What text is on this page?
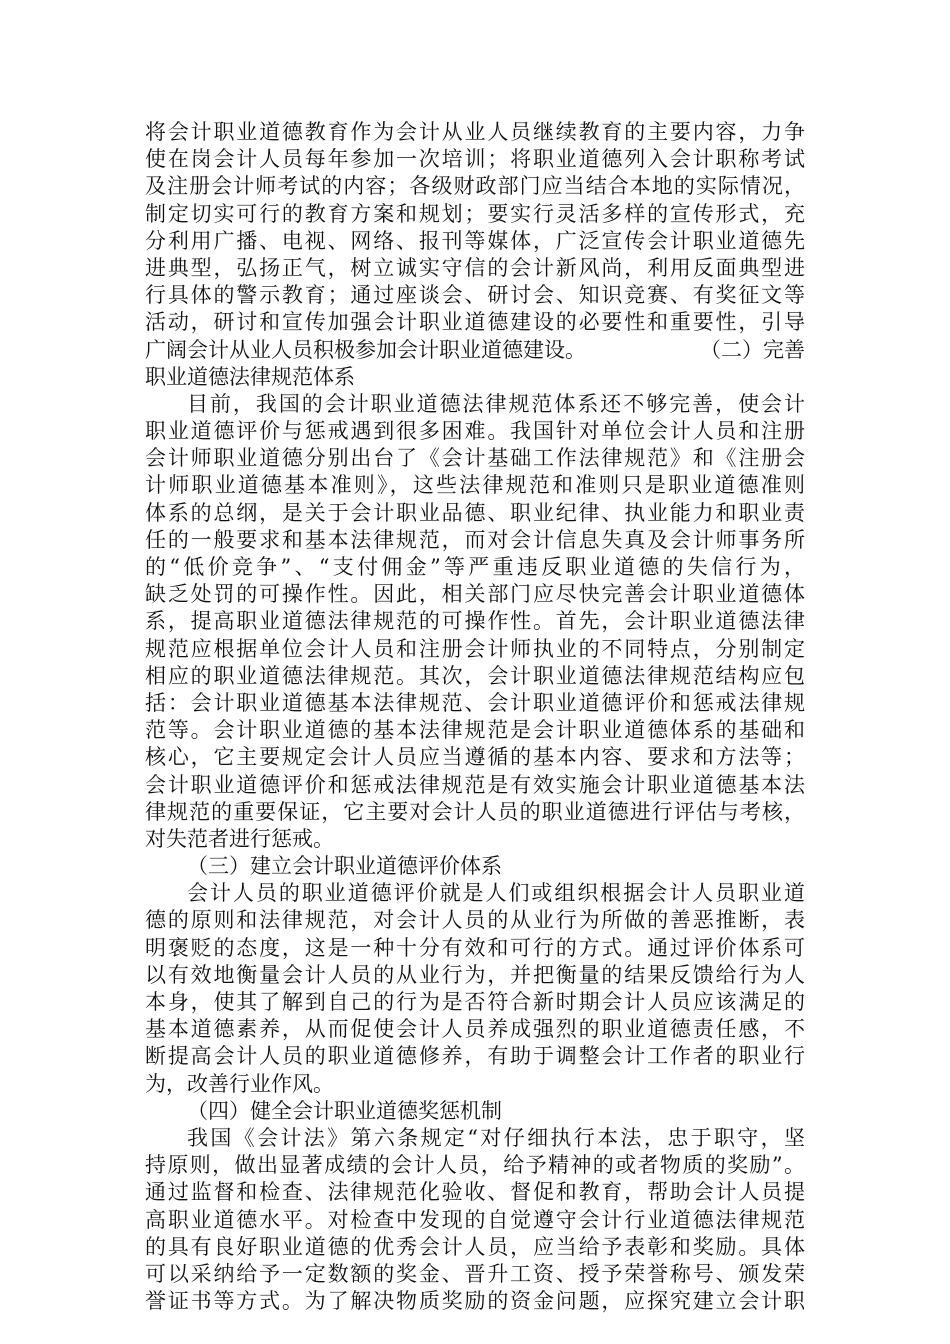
将会计职业道德教育作为会计从业人员继续教育的主要内容，力争
使在岗会计人员每年参加一次培训；将职业道德列入会计职称考试
及注册会计师考试的内容；各级财政部门应当结合本地的实际情况，
制定切实可行的教育方案和规划；要实行灵活多样的宣传形式，充
分利用广播、电视、网络、报刊等媒体，广泛宣传会计职业道德先
进典型，弘扬正气，树立诚实守信的会计新风尚，利用反面典型进
行具体的警示教育；通过座谈会、研讨会、知识竞赛、有奖征文等
活动，研讨和宣传加强会计职业道德建设的必要性和重要性，引导
广阔会计从业人员积极参加会计职业道德建设。	（二）完善
职业道德法律规范体系
目前，我国的会计职业道德法律规范体系还不够完善，使会计
职业道德评价与惩戒遇到很多困难。我国针对单位会计人员和注册
会计师职业道德分别出台了《会计基础工作法律规范》和《注册会
计师职业道德基本准则》，这些法律规范和准则只是职业道德准则
体系的总纲，是关于会计职业品德、职业纪律、执业能力和职业责
任的一般要求和基本法律规范，而对会计信息失真及会计师事务所
的“低价竞争”、“支付佣金”等严重违反职业道德的失信行为，
缺乏处罚的可操作性。因此，相关部门应尽快完善会计职业道德体
系，提高职业道德法律规范的可操作性。首先，会计职业道德法律
规范应根据单位会计人员和注册会计师执业的不同特点，分别制定
相应的职业道德法律规范。其次，会计职业道德法律规范结构应包
括：会计职业道德基本法律规范、会计职业道德评价和惩戒法律规
范等。会计职业道德的基本法律规范是会计职业道德体系的基础和
核心，它主要规定会计人员应当遵循的基本内容、要求和方法等；
会计职业道德评价和惩戒法律规范是有效实施会计职业道德基本法
律规范的重要保证，它主要对会计人员的职业道德进行评估与考核，
对失范者进行惩戒。
（三）建立会计职业道德评价体系
会计人员的职业道德评价就是人们或组织根据会计人员职业道
德的原则和法律规范，对会计人员的从业行为所做的善恶推断，表
明褒贬的态度，这是一种十分有效和可行的方式。通过评价体系可
以有效地衡量会计人员的从业行为，并把衡量的结果反馈给行为人
本身，使其了解到自己的行为是否符合新时期会计人员应该满足的
基本道德素养，从而促使会计人员养成强烈的职业道德责任感，不
断提高会计人员的职业道德修养，有助于调整会计工作者的职业行
为，改善行业作风。
（四）健全会计职业道德奖惩机制
我国《会计法》第六条规定“对仔细执行本法，忠于职守，坚
持原则，做出显著成绩的会计人员，给予精神的或者物质的奖励”。
通过监督和检查、法律规范化验收、督促和教育，帮助会计人员提
高职业道德水平。对检查中发现的自觉遵守会计行业道德法律规范
的具有良好职业道德的优秀会计人员，应当给予表彰和奖励。具体
可以采纳给予一定数额的奖金、晋升工资、授予荣誉称号、颁发荣
誉证书等方式。为了解决物质奖励的资金问题，应探究建立会计职
